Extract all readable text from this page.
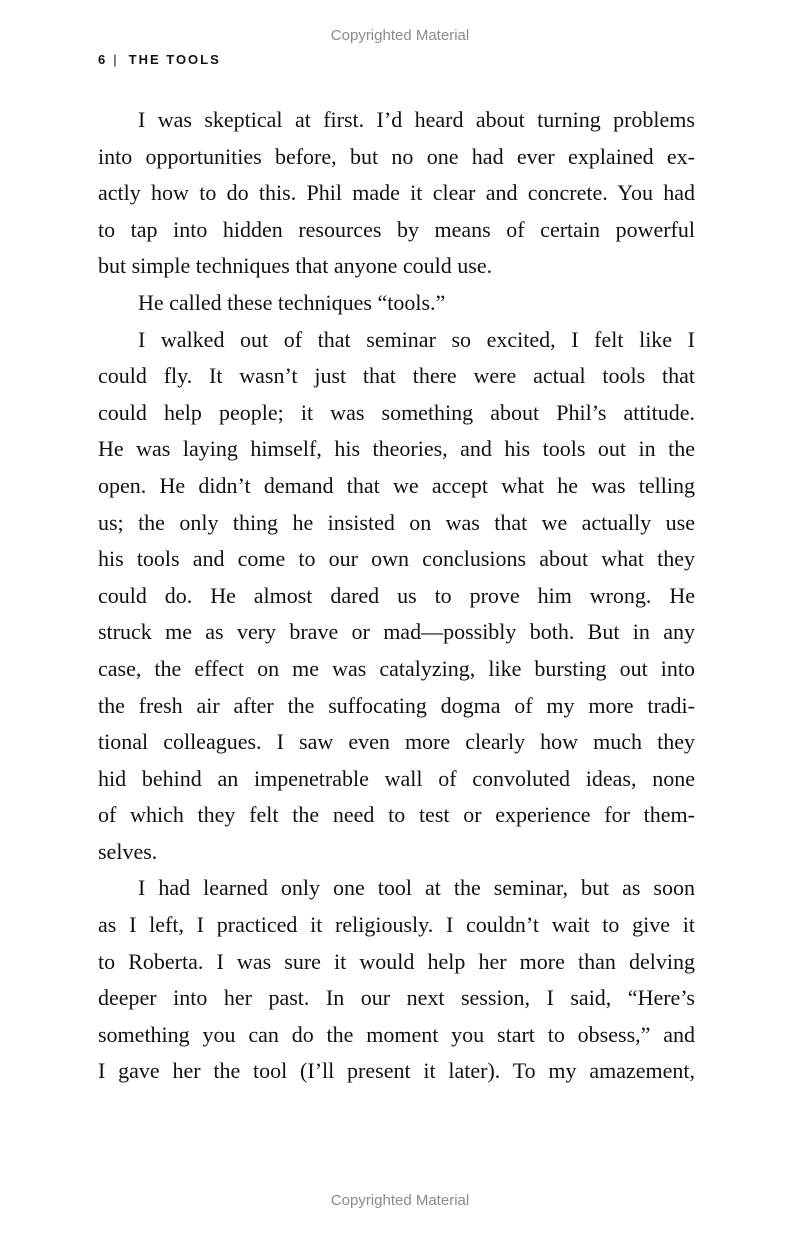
Copyrighted Material
6 | THE TOOLS
I was skeptical at first. I’d heard about turning problems
into opportunities before, but no one had ever explained ex-
actly how to do this. Phil made it clear and concrete. You had
to tap into hidden resources by means of certain powerful
but simple techniques that anyone could use.
He called these techniques “tools.”
I walked out of that seminar so excited, I felt like I
could fly. It wasn’t just that there were actual tools that
could help people; it was something about Phil’s attitude.
He was laying himself, his theories, and his tools out in the
open. He didn’t demand that we accept what he was telling
us; the only thing he insisted on was that we actually use
his tools and come to our own conclusions about what they
could do. He almost dared us to prove him wrong. He
struck me as very brave or mad—possibly both. But in any
case, the effect on me was catalyzing, like bursting out into
the fresh air after the suffocating dogma of my more tradi-
tional colleagues. I saw even more clearly how much they
hid behind an impenetrable wall of convoluted ideas, none
of which they felt the need to test or experience for them-
selves.
I had learned only one tool at the seminar, but as soon
as I left, I practiced it religiously. I couldn’t wait to give it
to Roberta. I was sure it would help her more than delving
deeper into her past. In our next session, I said, “Here’s
something you can do the moment you start to obsess,” and
I gave her the tool (I’ll present it later). To my amazement,
Copyrighted Material
